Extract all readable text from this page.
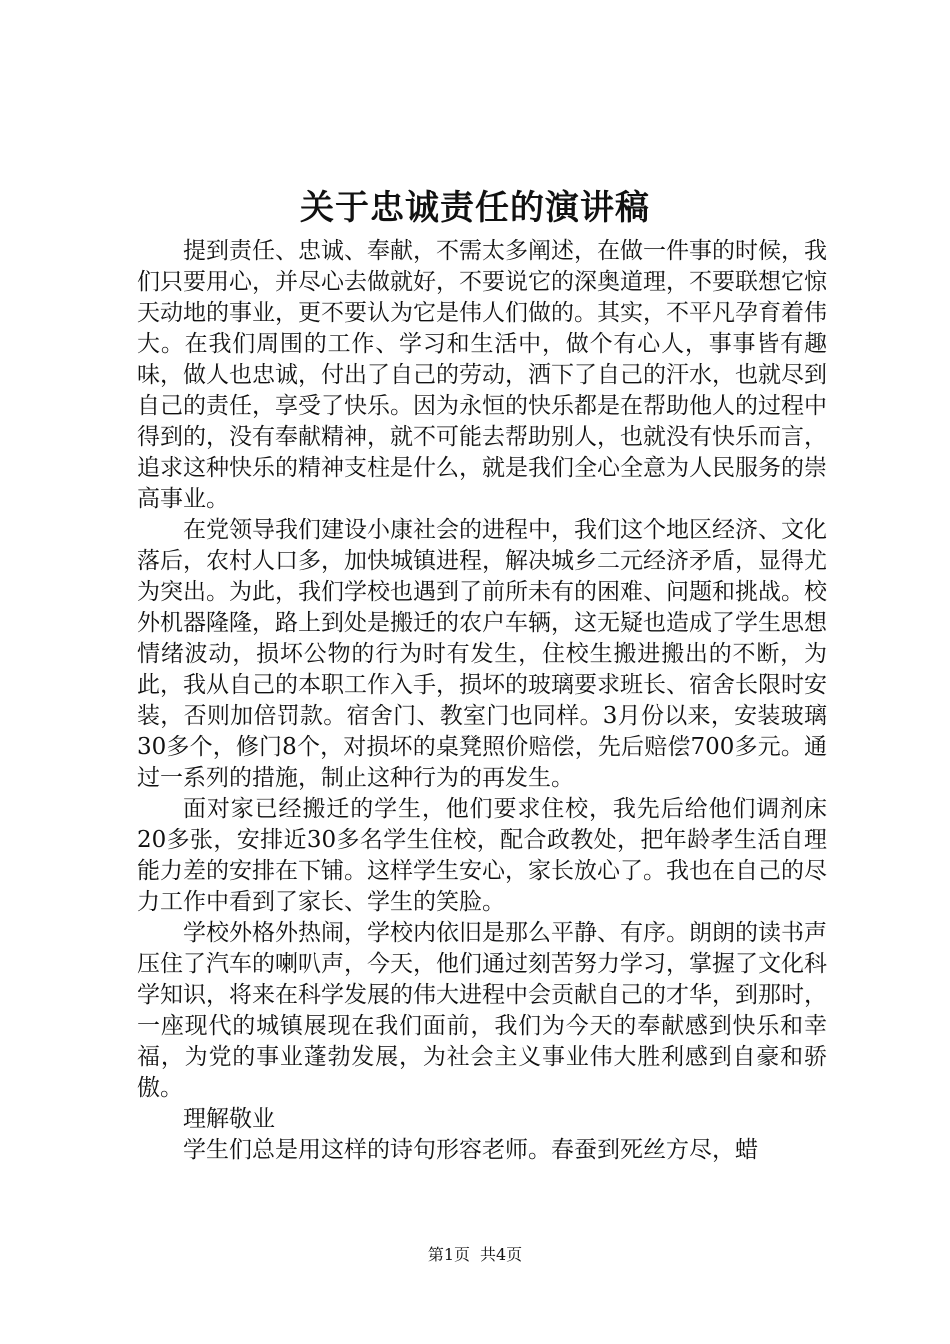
关于忠诚责任的演讲稿

提到责任、忠诚、奉献，不需太多阐述，在做一件事的时候，我们只要用心，并尽心去做就好，不要说它的深奥道理，不要联想它惊天动地的事业，更不要认为它是伟人们做的。其实，不平凡孕育着伟大。在我们周围的工作、学习和生活中，做个有心人，事事皆有趣味，做人也忠诚，付出了自己的劳动，洒下了自己的汗水，也就尽到自己的责任，享受了快乐。因为永恒的快乐都是在帮助他人的过程中得到的，没有奉献精神，就不可能去帮助别人，也就没有快乐而言，追求这种快乐的精神支柱是什么，就是我们全心全意为人民服务的崇高事业。

在党领导我们建设小康社会的进程中，我们这个地区经济、文化落后，农村人口多，加快城镇进程，解决城乡二元经济矛盾，显得尤为突出。为此，我们学校也遇到了前所未有的困难、问题和挑战。校外机器隆隆，路上到处是搬迁的农户车辆，这无疑也造成了学生思想情绪波动，损坏公物的行为时有发生，住校生搬进搬出的不断，为此，我从自己的本职工作入手，损坏的玻璃要求班长、宿舍长限时安装，否则加倍罚款。宿舍门、教室门也同样。3月份以来，安装玻璃30多个，修门8个，对损坏的桌凳照价赔偿，先后赔偿700多元。通过一系列的措施，制止这种行为的再发生。

面对家已经搬迁的学生，他们要求住校，我先后给他们调剂床20多张，安排近30多名学生住校，配合政教处，把年龄孝生活自理能力差的安排在下铺。这样学生安心，家长放心了。我也在自己的尽力工作中看到了家长、学生的笑脸。

学校外格外热闹，学校内依旧是那么平静、有序。朗朗的读书声压住了汽车的喇叭声，今天，他们通过刻苦努力学习，掌握了文化科学知识，将来在科学发展的伟大进程中会贡献自己的才华，到那时，一座现代的城镇展现在我们面前，我们为今天的奉献感到快乐和幸福，为党的事业蓬勃发展，为社会主义事业伟大胜利感到自豪和骄傲。

理解敬业

学生们总是用这样的诗句形容老师。春蚕到死丝方尽，蜡

第1页 共4页
